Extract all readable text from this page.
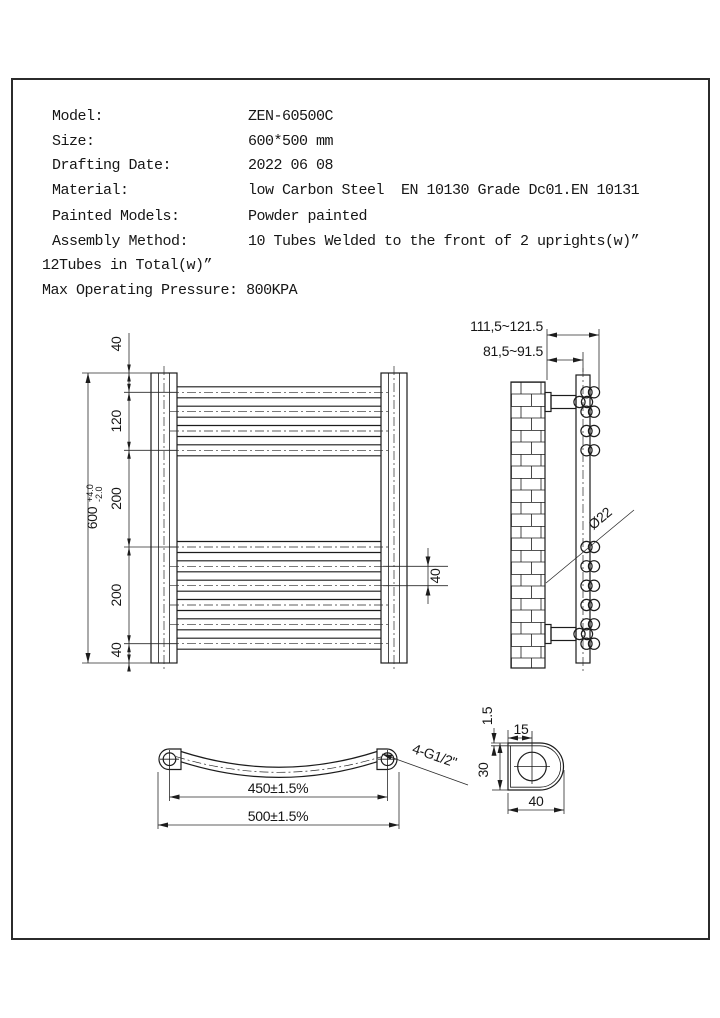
Model:	ZEN-60500C
Size:	600*500 mm
Drafting Date:	2022 06 08
Material:	low Carbon Steel  EN 10130 Grade Dc01.EN 10131
Painted Models:	Powder painted
Assembly Method:	10 Tubes Welded to the front of 2 uprights(w)”
12Tubes in Total(w)”
Max Operating Pressure: 800KPA
600
+4.0 -2.0
40
120
200
200
40
40
111,5~121.5
81,5~91.5
Ø22
450±1.5%
500±1.5%
4-G1/2"
15
1.5
30
40
